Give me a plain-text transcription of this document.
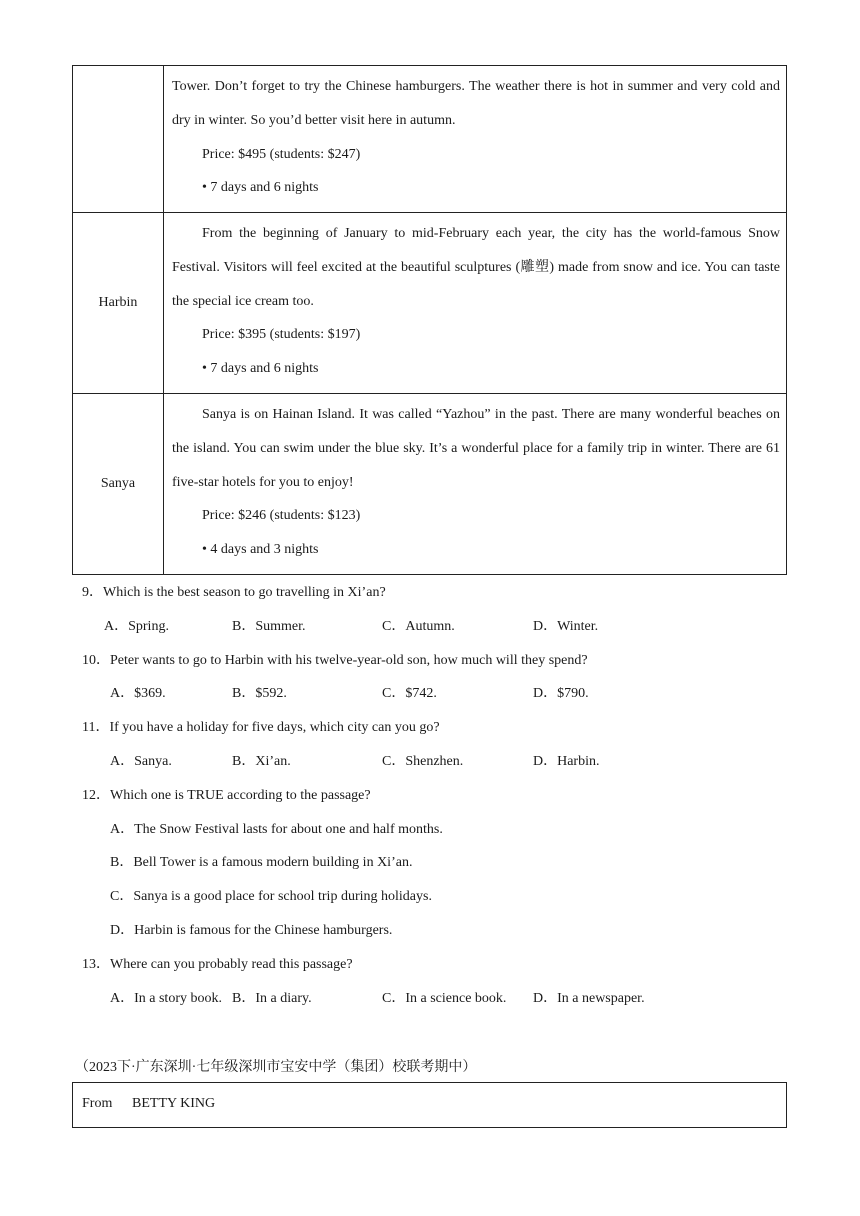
	Tower. Don’t forget to try the Chinese hamburgers. The weather there is hot in summer and very cold and dry in winter. So you’d better visit here in autumn.

Price: $495 (students: $247)

• 7 days and 6 nights

Harbin	From the beginning of January to mid-February each year, the city has the world-famous Snow Festival. Visitors will feel excited at the beautiful sculptures (雕塑) made from snow and ice. You can taste the special ice cream too.

Price: $395 (students: $197)

• 7 days and 6 nights

Sanya	Sanya is on Hainan Island. It was called “Yazhou” in the past. There are many wonderful beaches on the island. You can swim under the blue sky. It’s a wonderful place for a family trip in winter. There are 61 five-star hotels for you to enjoy!

Price: $246 (students: $123)

• 4 days and 3 nights

9．Which is the best season to go travelling in Xi’an?
A．Spring.	B．Summer.	C．Autumn.	D．Winter.
10．Peter wants to go to Harbin with his twelve-year-old son, how much will they spend?
A．$369.	B．$592.	C．$742.	D．$790.
11．If you have a holiday for five days, which city can you go?
A．Sanya.	B．Xi’an.	C．Shenzhen.	D．Harbin.
12．Which one is TRUE according to the passage?
A．The Snow Festival lasts for about one and half months.
B．Bell Tower is a famous modern building in Xi’an.
C．Sanya is a good place for school trip during holidays.
D．Harbin is famous for the Chinese hamburgers.
13．Where can you probably read this passage?
A．In a story book. B．In a diary.	C．In a science book. D．In a newspaper.
（2023下·广东深圳·七年级深圳市宝安中学（集团）校联考期中）
From BETTY KING
